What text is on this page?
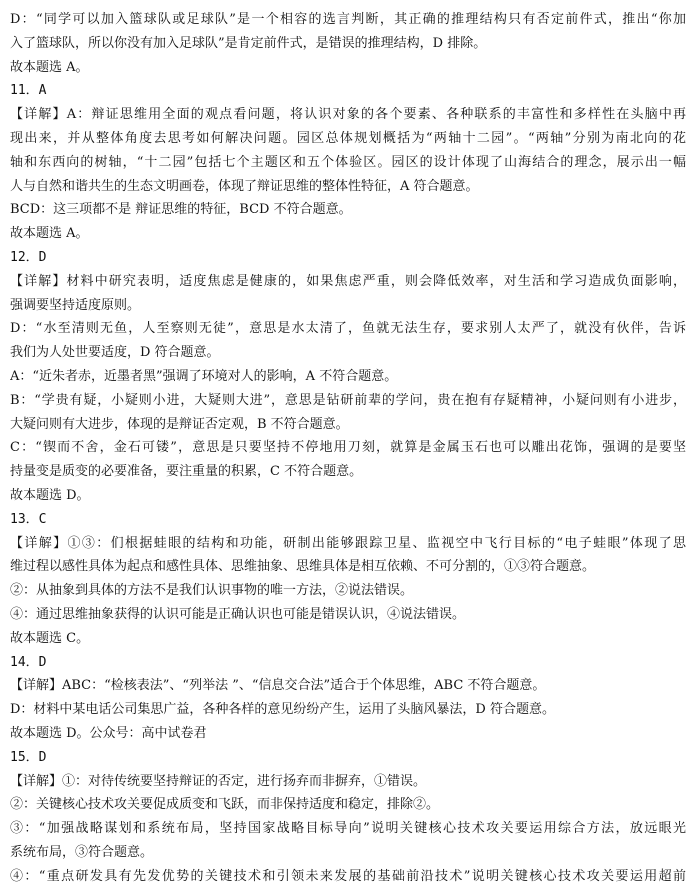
D：“同学可以加入篮球队或足球队”是一个相容的选言判断，其正确的推理结构只有否定前件式，推出“你加
入了篮球队，所以你没有加入足球队”是肯定前件式，是错误的推理结构，D 排除。
故本题选 A。
11．A
【详解】A：辩证思维用全面的观点看问题，将认识对象的各个要素、各种联系的丰富性和多样性在头脑中再
现出来，并从整体角度去思考如何解决问题。园区总体规划概括为“两轴十二园”。“两轴”分别为南北向的花
轴和东西向的树轴，“十二园”包括七个主题区和五个体验区。园区的设计体现了山海结合的理念，展示出一幅
人与自然和谐共生的生态文明画卷，体现了辩证思维的整体性特征，A 符合题意。
BCD：这三项都不是 辩证思维的特征，BCD 不符合题意。
故本题选 A。
12．D
【详解】材料中研究表明，适度焦虑是健康的，如果焦虑严重，则会降低效率，对生活和学习造成负面影响，
强调要坚持适度原则。
D：“水至清则无鱼，人至察则无徒”，意思是水太清了，鱼就无法生存，要求别人太严了，就没有伙伴，告诉
我们为人处世要适度，D 符合题意。
A：“近朱者赤，近墨者黑”强调了环境对人的影响，A 不符合题意。
B：“学贵有疑，小疑则小进，大疑则大进”，意思是钻研前辈的学问，贵在抱有存疑精神，小疑问则有小进步，
大疑问则有大进步，体现的是辩证否定观，B 不符合题意。
C：“锲而不舍，金石可镂”，意思是只要坚持不停地用刀刻，就算是金属玉石也可以雕出花饰，强调的是要坚
持量变是质变的必要准备，要注重量的积累，C 不符合题意。
故本题选 D。
13．C
【详解】①③：们根据蛙眼的结构和功能，研制出能够跟踪卫星、监视空中飞行目标的“电子蛙眼”体现了思
维过程以感性具体为起点和感性具体、思维抽象、思维具体是相互依赖、不可分割的，①③符合题意。
②：从抽象到具体的方法不是我们认识事物的唯一方法，②说法错误。
④：通过思维抽象获得的认识可能是正确认识也可能是错误认识，④说法错误。
故本题选 C。
14．D
【详解】ABC：“检核表法”、“列举法 ”、“信息交合法”适合于个体思维，ABC 不符合题意。
D：材料中某电话公司集思广益，各种各样的意见纷纷产生，运用了头脑风暴法，D 符合题意。
故本题选 D。公众号：高中试卷君
15．D
【详解】①：对待传统要坚持辩证的否定，进行扬弃而非摒弃，①错误。
②：关键核心技术攻关要促成质变和飞跃，而非保持适度和稳定，排除②。
③：“加强战略谋划和系统布局，坚持国家战略目标导向”说明关键核心技术攻关要运用综合方法，放远眼光
系统布局，③符合题意。
④：“重点研发具有先发优势的关键技术和引领未来发展的基础前沿技术”说明关键核心技术攻关要运用超前
